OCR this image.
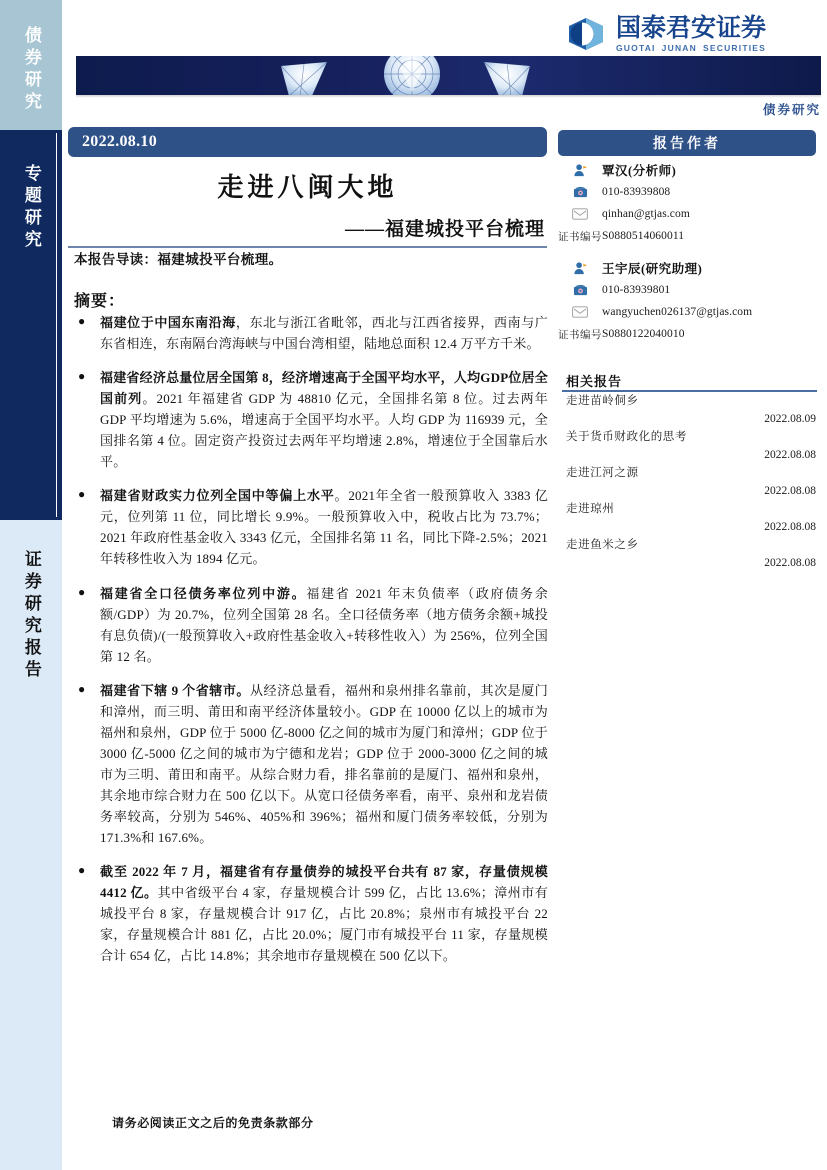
债券研究
专题研究
证券研究报告
国泰君安证券
GUOTAI JUNAN SECURITIES
债券研究
2022.08.10
走进八闽大地
——福建城投平台梳理
本报告导读：福建城投平台梳理。
摘要：
●	福建位于中国东南沿海，东北与浙江省毗邻，西北与江西省接界，西南与广东省相连，东南隔台湾海峡与中国台湾相望，陆地总面积 12.4 万平方千米。
●	福建省经济总量位居全国第 8，经济增速高于全国平均水平，人均GDP位居全国前列。2021 年福建省 GDP 为 48810 亿元，全国排名第 8 位。过去两年 GDP 平均增速为 5.6%，增速高于全国平均水平。人均 GDP 为 116939 元，全国排名第 4 位。固定资产投资过去两年平均增速 2.8%，增速位于全国靠后水平。
●	福建省财政实力位列全国中等偏上水平。2021年全省一般预算收入 3383 亿元，位列第 11 位，同比增长 9.9%。一般预算收入中，税收占比为 73.7%；2021 年政府性基金收入 3343 亿元，全国排名第 11 名，同比下降-2.5%；2021 年转移性收入为 1894 亿元。
●	福建省全口径债务率位列中游。福建省 2021 年末负债率（政府债务余额/GDP）为 20.7%，位列全国第 28 名。全口径债务率（地方债务余额+城投有息负债)/(一般预算收入+政府性基金收入+转移性收入）为 256%，位列全国第 12 名。
●	福建省下辖 9 个省辖市。从经济总量看，福州和泉州排名靠前，其次是厦门和漳州，而三明、莆田和南平经济体量较小。GDP 在 10000 亿以上的城市为福州和泉州，GDP 位于 5000 亿-8000 亿之间的城市为厦门和漳州；GDP 位于 3000 亿-5000 亿之间的城市为宁德和龙岩；GDP 位于 2000-3000 亿之间的城市为三明、莆田和南平。从综合财力看，排名靠前的是厦门、福州和泉州，其余地市综合财力在 500 亿以下。从宽口径债务率看，南平、泉州和龙岩债务率较高，分别为 546%、405%和 396%；福州和厦门债务率较低，分别为 171.3%和 167.6%。
●	截至 2022 年 7 月，福建省有存量债券的城投平台共有 87 家，存量债规模 4412 亿。其中省级平台 4 家，存量规模合计 599 亿，占比 13.6%；漳州市有城投平台 8 家，存量规模合计 917 亿，占比 20.8%；泉州市有城投平台 22 家，存量规模合计 881 亿，占比 20.0%；厦门市有城投平台 11 家，存量规模合计 654 亿，占比 14.8%；其余地市存量规模在 500 亿以下。
报告作者
覃汉(分析师)
010-83939808
qinhan@gtjas.com
证书编号 S0880514060011
王宇辰(研究助理)
010-83939801
wangyuchen026137@gtjas.com
证书编号 S0880122040010
相关报告
走进苗岭侗乡
2022.08.09
关于货币财政化的思考
2022.08.08
走进江河之源
2022.08.08
走进琼州
2022.08.08
走进鱼米之乡
2022.08.08
请务必阅读正文之后的免责条款部分
